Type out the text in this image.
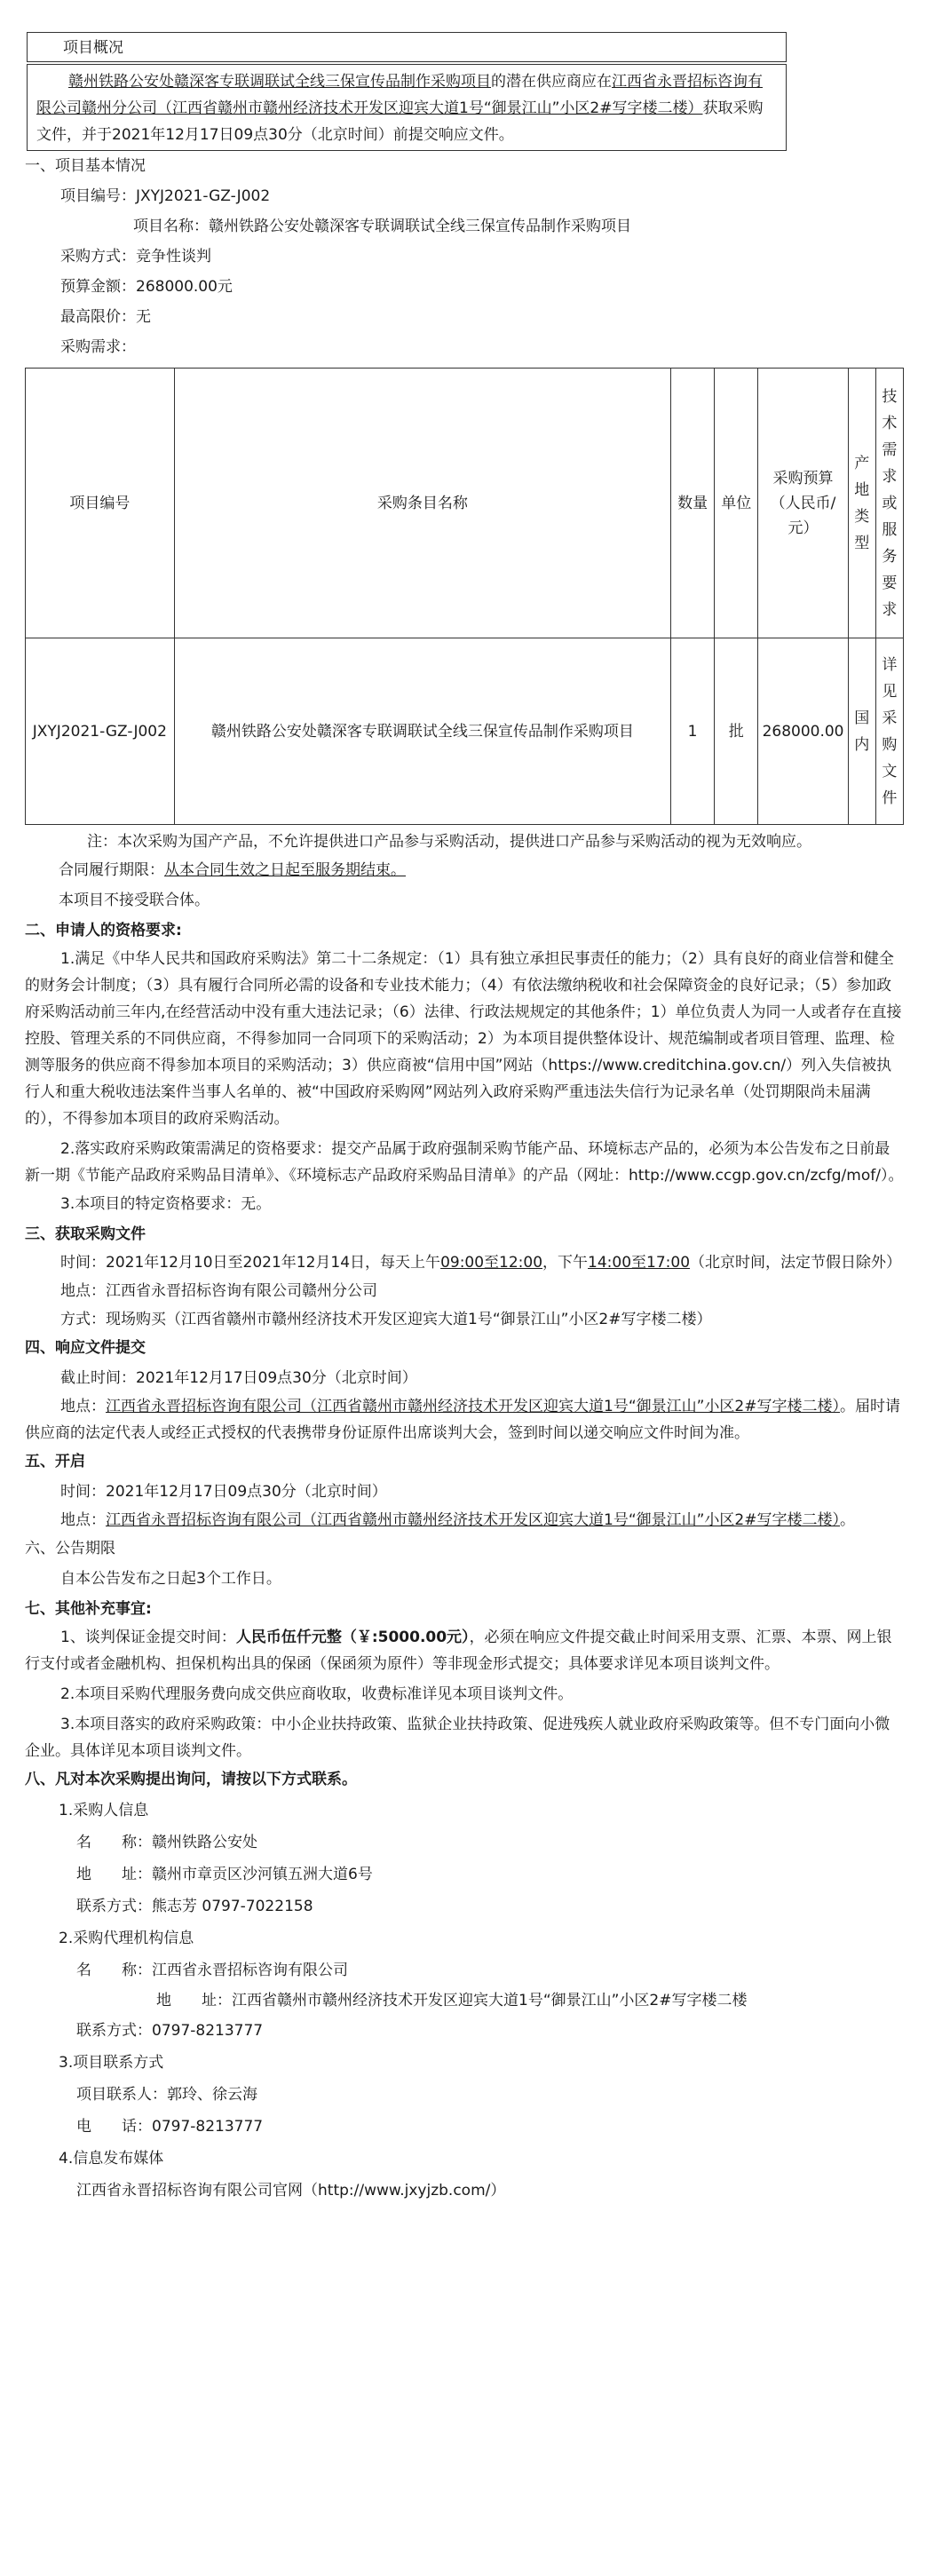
项目概况
赣州铁路公安处赣深客专联调联试全线三保宣传品制作采购项目的潜在供应商应在江西省永晋招标咨询有限公司赣州分公司（江西省赣州市赣州经济技术开发区迎宾大道1号“御景江山”小区2#写字楼二楼）获取采购文件，并于2021年12月17日09点30分（北京时间）前提交响应文件。
一、项目基本情况
项目编号：JXYJ2021-GZ-J002
项目名称：赣州铁路公安处赣深客专联调联试全线三保宣传品制作采购项目
采购方式：竞争性谈判
预算金额：268000.00元
最高限价：无
采购需求：
项目编号	采购条目名称	数量	单位	采购预算（人民币/元）	产地类型	技术需求或服务要求

JXYJ2021-GZ-J002	赣州铁路公安处赣深客专联调联试全线三保宣传品制作采购项目	1	批	268000.00	国内	详见采购文件
注：本次采购为国产产品，不允许提供进口产品参与采购活动，提供进口产品参与采购活动的视为无效响应。
合同履行期限：从本合同生效之日起至服务期结束。
本项目不接受联合体。
二、申请人的资格要求:
1.满足《中华人民共和国政府采购法》第二十二条规定：（1）具有独立承担民事责任的能力；（2）具有良好的商业信誉和健全的财务会计制度；（3）具有履行合同所必需的设备和专业技术能力；（4）有依法缴纳税收和社会保障资金的良好记录；（5）参加政府采购活动前三年内,在经营活动中没有重大违法记录；（6）法律、行政法规规定的其他条件；1）单位负责人为同一人或者存在直接控股、管理关系的不同供应商，不得参加同一合同项下的采购活动；2）为本项目提供整体设计、规范编制或者项目管理、监理、检测等服务的供应商不得参加本项目的采购活动；3）供应商被“信用中国”网站（https://www.creditchina.gov.cn/）列入失信被执行人和重大税收违法案件当事人名单的、被“中国政府采购网”网站列入政府采购严重违法失信行为记录名单（处罚期限尚未届满的），不得参加本项目的政府采购活动。
2.落实政府采购政策需满足的资格要求：提交产品属于政府强制采购节能产品、环境标志产品的，必须为本公告发布之日前最新一期《节能产品政府采购品目清单》、《环境标志产品政府采购品目清单》的产品（网址：http://www.ccgp.gov.cn/zcfg/mof/）。
3.本项目的特定资格要求：无。
三、获取采购文件
时间：2021年12月10日至2021年12月14日，每天上午09:00至12:00，下午14:00至17:00（北京时间，法定节假日除外）
地点：江西省永晋招标咨询有限公司赣州分公司
方式：现场购买（江西省赣州市赣州经济技术开发区迎宾大道1号“御景江山”小区2#写字楼二楼）
四、响应文件提交
截止时间：2021年12月17日09点30分（北京时间）
地点：江西省永晋招标咨询有限公司（江西省赣州市赣州经济技术开发区迎宾大道1号“御景江山”小区2#写字楼二楼）。届时请供应商的法定代表人或经正式授权的代表携带身份证原件出席谈判大会，签到时间以递交响应文件时间为准。
五、开启
时间：2021年12月17日09点30分（北京时间）
地点：江西省永晋招标咨询有限公司（江西省赣州市赣州经济技术开发区迎宾大道1号“御景江山”小区2#写字楼二楼）。
六、公告期限
自本公告发布之日起3个工作日。
七、其他补充事宜:
1、谈判保证金提交时间：人民币伍仟元整（￥:5000.00元），必须在响应文件提交截止时间采用支票、汇票、本票、网上银行支付或者金融机构、担保机构出具的保函（保函须为原件）等非现金形式提交；具体要求详见本项目谈判文件。
2.本项目采购代理服务费向成交供应商收取，收费标准详见本项目谈判文件。
3.本项目落实的政府采购政策：中小企业扶持政策、监狱企业扶持政策、促进残疾人就业政府采购政策等。但不专门面向小微企业。具体详见本项目谈判文件。
八、凡对本次采购提出询问，请按以下方式联系。
1.采购人信息
名　　称：赣州铁路公安处
地　　址：赣州市章贡区沙河镇五洲大道6号
联系方式：熊志芳 0797-7022158
2.采购代理机构信息
名　　称：江西省永晋招标咨询有限公司
地　　址：江西省赣州市赣州经济技术开发区迎宾大道1号“御景江山”小区2#写字楼二楼
联系方式：0797-8213777
3.项目联系方式
项目联系人：郭玲、徐云海
电　　话：0797-8213777
4.信息发布媒体
江西省永晋招标咨询有限公司官网（http://www.jxyjzb.com/）
